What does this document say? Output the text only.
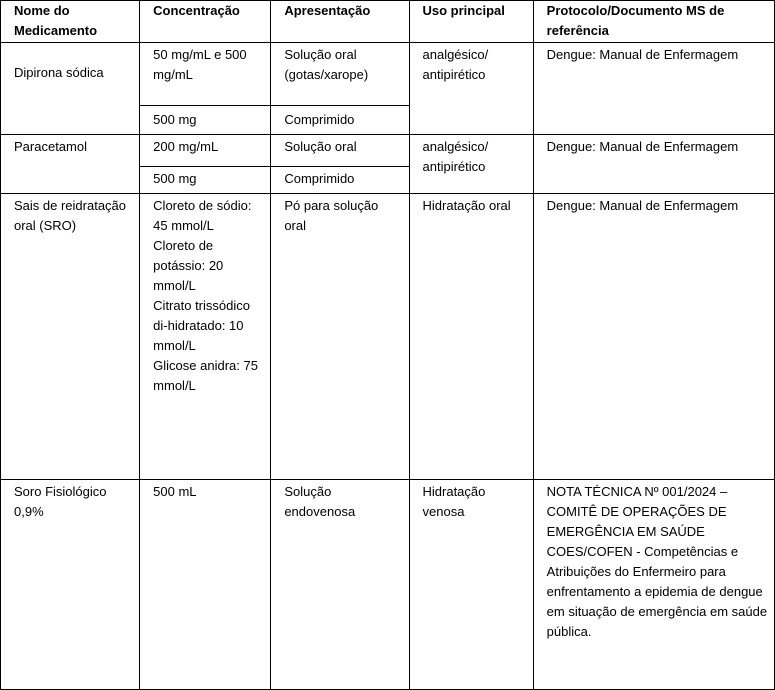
Nome do Medicamento	Concentração	Apresentação	Uso principal	Protocolo/Documento MS de referência
Dipirona sódica	50 mg/mL e 500 mg/mL	Solução oral (gotas/xarope)	analgésico/ antipirético	Dengue: Manual de Enfermagem
	500 mg	Comprimido		
Paracetamol	200 mg/mL	Solução oral	analgésico/ antipirético	Dengue: Manual de Enfermagem
	500 mg	Comprimido		
Sais de reidratação oral (SRO)	Cloreto de sódio: 45 mmol/L
Cloreto de potássio: 20 mmol/L
Citrato trissódico di-hidratado: 10 mmol/L
Glicose anidra: 75 mmol/L	Pó para solução oral	Hidratação oral	Dengue: Manual de Enfermagem
Soro Fisiológico 0,9%	500 mL	Solução endovenosa	Hidratação venosa	NOTA TÉCNICA Nº 001/2024 – COMITÊ DE OPERAÇÕES DE EMERGÊNCIA EM SAÚDE COES/COFEN - Competências e Atribuições do Enfermeiro para enfrentamento a epidemia de dengue em situação de emergência em saúde pública.
